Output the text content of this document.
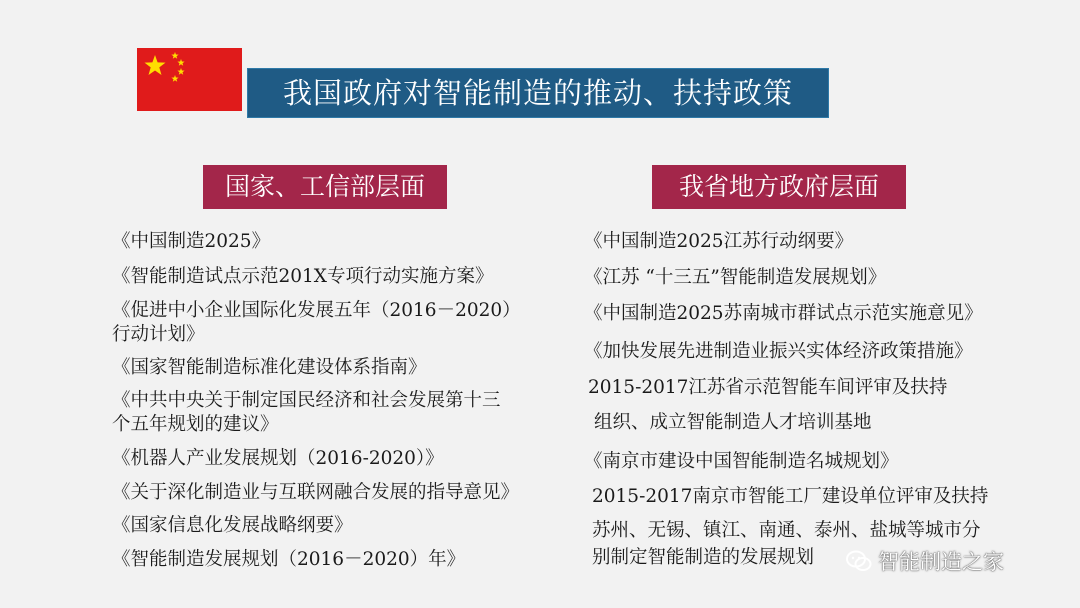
我国政府对智能制造的推动、扶持政策
国家、工信部层面	我省地方政府层面
《中国制造2025》
《智能制造试点示范201X专项行动实施方案》
《促进中小企业国际化发展五年（2016－2020）
行动计划》
《国家智能制造标准化建设体系指南》
《中共中央关于制定国民经济和社会发展第十三
个五年规划的建议》
《机器人产业发展规划（2016-2020）》
《关于深化制造业与互联网融合发展的指导意见》
《国家信息化发展战略纲要》
《智能制造发展规划（2016－2020）年》
《中国制造2025江苏行动纲要》
《江苏 “十三五”智能制造发展规划》
《中国制造2025苏南城市群试点示范实施意见》
《加快发展先进制造业振兴实体经济政策措施》
2015-2017江苏省示范智能车间评审及扶持
组织、成立智能制造人才培训基地
《南京市建设中国智能制造名城规划》
2015-2017南京市智能工厂建设单位评审及扶持
苏州、无锡、镇江、南通、泰州、盐城等城市分
别制定智能制造的发展规划	智能制造之家
